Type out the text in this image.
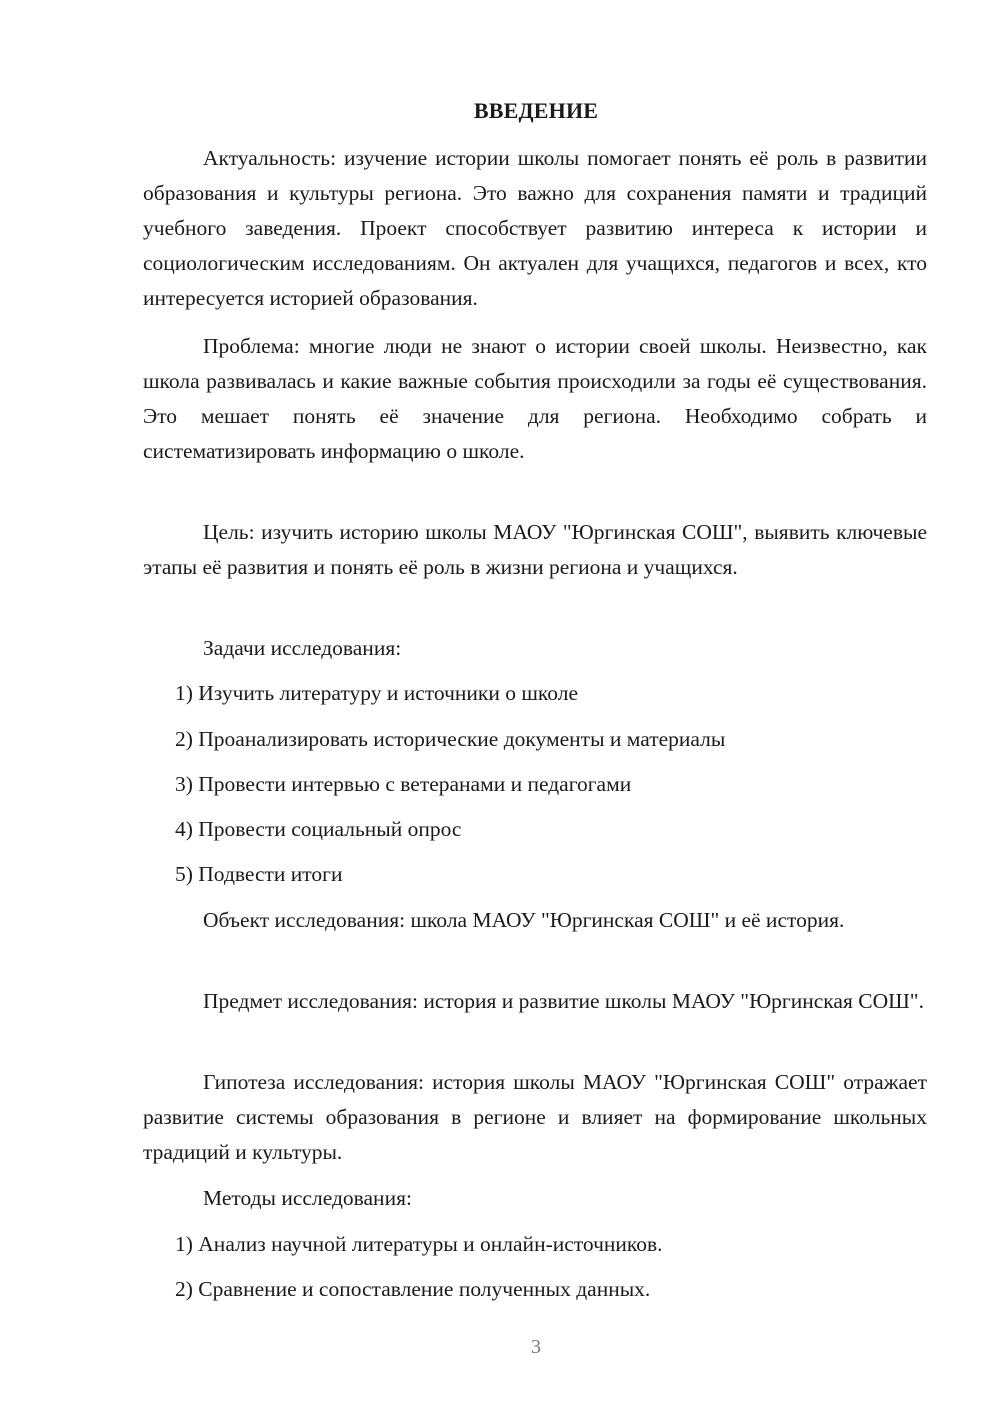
ВВЕДЕНИЕ

Актуальность: изучение истории школы помогает понять её роль в развитии образования и культуры региона. Это важно для сохранения памяти и традиций учебного заведения. Проект способствует развитию интереса к истории и социологическим исследованиям. Он актуален для учащихся, педагогов и всех, кто интересуется историей образования.

Проблема: многие люди не знают о истории своей школы. Неизвестно, как школа развивалась и какие важные события происходили за годы её существования. Это мешает понять её значение для региона. Необходимо собрать и систематизировать информацию о школе.

Цель: изучить историю школы МАОУ "Юргинская СОШ", выявить ключевые этапы её развития и понять её роль в жизни региона и учащихся.

Задачи исследования:

1) Изучить литературу и источники о школе

2) Проанализировать исторические документы и материалы

3) Провести интервью с ветеранами и педагогами

4) Провести социальный опрос

5) Подвести итоги

Объект исследования: школа МАОУ "Юргинская СОШ" и её история.

Предмет исследования: история и развитие школы МАОУ "Юргинская СОШ".

Гипотеза исследования: история школы МАОУ "Юргинская СОШ" отражает развитие системы образования в регионе и влияет на формирование школьных традиций и культуры.

Методы исследования:

1) Анализ научной литературы и онлайн-источников.

2) Сравнение и сопоставление полученных данных.

3
